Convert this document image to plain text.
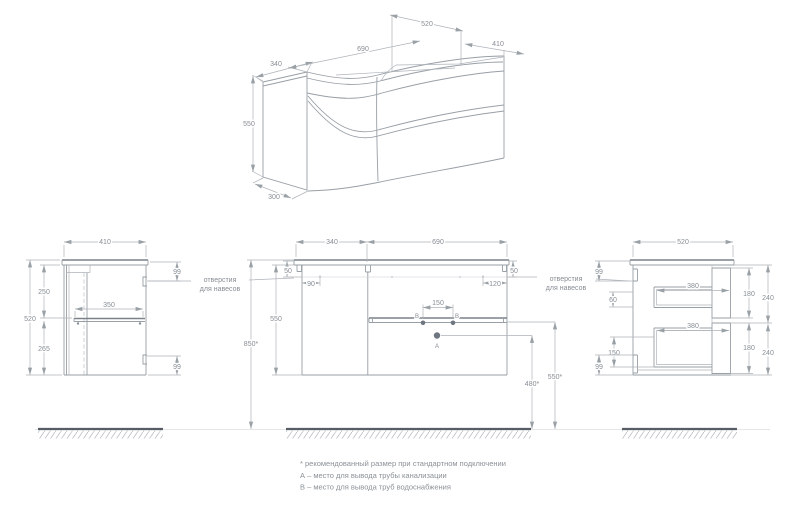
340
690
520
410
550
300
410
350
250
265
520
99
99
отверстия
для навесов
340	690
50	50
90	120
550
850*
150
B	B
A
480*
550*
отверстия
для навесов
520
99
60
150
99
380
380
180
240
180
240
* рекомендованный размер при стандартном подключении
А – место для вывода трубы канализации
В – место для вывода труб водоснабжения
